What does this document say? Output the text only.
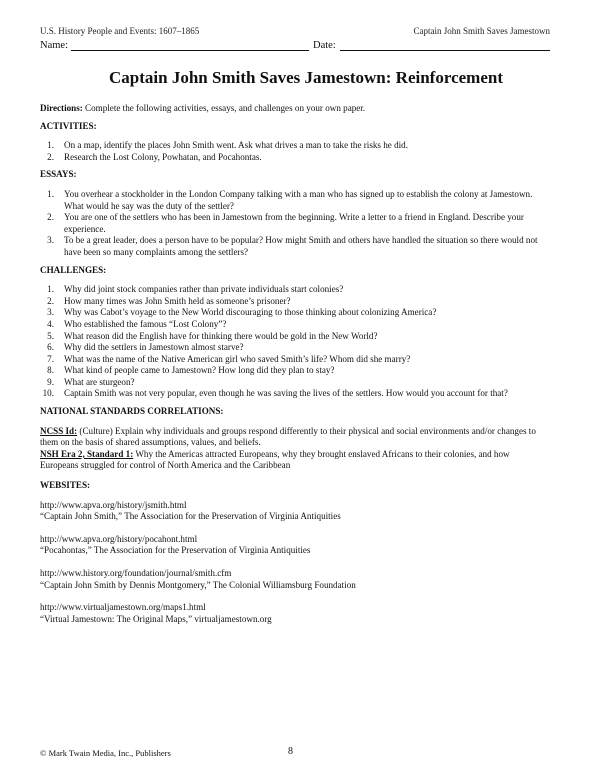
U.S. History People and Events: 1607–1865	Captain John Smith Saves Jamestown
Name:	Date:
Captain John Smith Saves Jamestown: Reinforcement

Directions: Complete the following activities, essays, and challenges on your own paper.

ACTIVITIES:
1.	On a map, identify the places John Smith went. Ask what drives a man to take the risks he did.
2.	Research the Lost Colony, Powhatan, and Pocahontas.
ESSAYS:
1.	You overhear a stockholder in the London Company talking with a man who has signed up to establish the colony at Jamestown. What would he say was the duty of the settler?
2.	You are one of the settlers who has been in Jamestown from the beginning. Write a letter to a friend in England. Describe your experience.
3.	To be a great leader, does a person have to be popular? How might Smith and others have handled the situation so there would not have been so many complaints among the settlers?
CHALLENGES:
1.	Why did joint stock companies rather than private individuals start colonies?
2.	How many times was John Smith held as someone’s prisoner?
3.	Why was Cabot’s voyage to the New World discouraging to those thinking about colonizing America?
4.	Who established the famous “Lost Colony”?
5.	What reason did the English have for thinking there would be gold in the New World?
6.	Why did the settlers in Jamestown almost starve?
7.	What was the name of the Native American girl who saved Smith’s life? Whom did she marry?
8.	What kind of people came to Jamestown? How long did they plan to stay?
9.	What are sturgeon?
10.	Captain Smith was not very popular, even though he was saving the lives of the settlers. How would you account for that?
NATIONAL STANDARDS CORRELATIONS:

NCSS Id: (Culture) Explain why individuals and groups respond differently to their physical and social environments and/or changes to them on the basis of shared assumptions, values, and beliefs.

NSH Era 2, Standard 1: Why the Americas attracted Europeans, why they brought enslaved Africans to their colonies, and how Europeans struggled for control of North America and the Caribbean

WEBSITES:
http://www.apva.org/history/jsmith.html
“Captain John Smith,” The Association for the Preservation of Virginia Antiquities
http://www.apva.org/history/pocahont.html
“Pocahontas,” The Association for the Preservation of Virginia Antiquities
http://www.history.org/foundation/journal/smith.cfm
“Captain John Smith by Dennis Montgomery,” The Colonial Williamsburg Foundation
http://www.virtualjamestown.org/maps1.html
“Virtual Jamestown: The Original Maps,” virtualjamestown.org
© Mark Twain Media, Inc., Publishers	8
